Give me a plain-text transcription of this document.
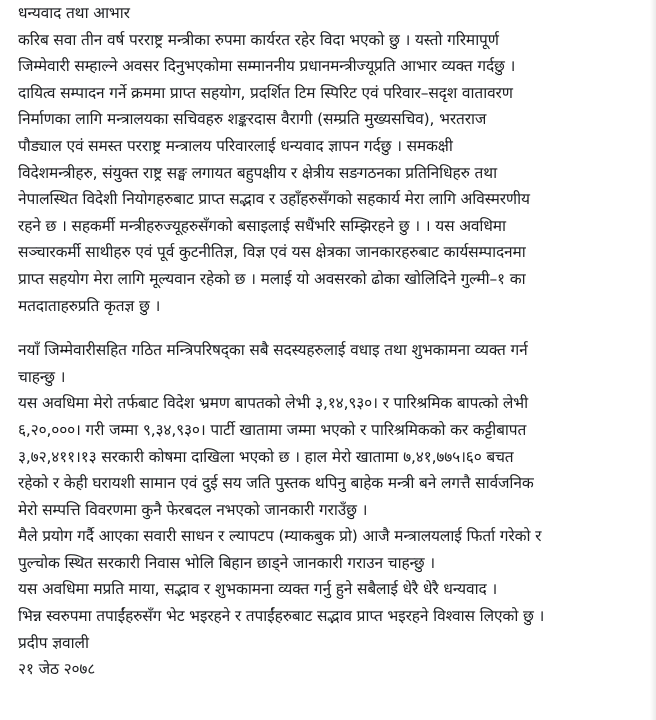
धन्यवाद तथा आभार
करिब सवा तीन वर्ष परराष्ट्र मन्त्रीका रुपमा कार्यरत रहेर विदा भएको छु । यस्तो गरिमापूर्ण
जिम्मेवारी सम्हाल्ने अवसर दिनुभएकोमा सम्माननीय प्रधानमन्त्रीज्यूप्रति आभार व्यक्त गर्दछु ।
दायित्व सम्पादन गर्ने क्रममा प्राप्त सहयोग, प्रदर्शित टिम स्पिरिट एवं परिवार–सदृश वातावरण
निर्माणका लागि मन्त्रालयका सचिवहरु शङ्करदास वैरागी (सम्प्रति मुख्यसचिव), भरतराज
पौड्याल एवं समस्त परराष्ट्र मन्त्रालय परिवारलाई धन्यवाद ज्ञापन गर्दछु । समकक्षी
विदेशमन्त्रीहरु, संयुक्त राष्ट्र सङ्घ लगायत बहुपक्षीय र क्षेत्रीय सङगठनका प्रतिनिधिहरु तथा
नेपालस्थित विदेशी नियोगहरुबाट प्राप्त सद्भाव र उहाँहरुसँगको सहकार्य मेरा लागि अविस्मरणीय
रहने छ । सहकर्मी मन्त्रीहरुज्यूहरुसँगको बसाइलाई सधैंभरि सम्झिरहने छु । । यस अवधिमा
सञ्चारकर्मी साथीहरु एवं पूर्व कुटनीतिज्ञ, विज्ञ एवं यस क्षेत्रका जानकारहरुबाट कार्यसम्पादनमा
प्राप्त सहयोग मेरा लागि मूल्यवान रहेको छ । मलाई यो अवसरको ढोका खोलिदिने गुल्मी–१ का
मतदाताहरुप्रति कृतज्ञ छु ।
नयाँ जिम्मेवारीसहित गठित मन्त्रिपरिषद्का सबै सदस्यहरुलाई वधाइ तथा शुभकामना व्यक्त गर्न
चाहन्छु ।
यस अवधिमा मेरो तर्फबाट विदेश भ्रमण बापतको लेभी ३,१४,९३०। र पारिश्रमिक बापत्को लेभी
६,२०,०००। गरी जम्मा ९,३४,९३०। पार्टी खातामा जम्मा भएको र पारिश्रमिकको कर कट्टीबापत
३,७२,४११।१३ सरकारी कोषमा दाखिला भएको छ । हाल मेरो खातामा ७,४१,७७५।६० बचत
रहेको र केही घरायशी सामान एवं दुई सय जति पुस्तक थपिनु बाहेक मन्त्री बने लगत्तै सार्वजनिक
मेरो सम्पत्ति विवरणमा कुनै फेरबदल नभएको जानकारी गराउँछु ।
मैले प्रयोग गर्दै आएका सवारी साधन र ल्यापटप (म्याकबुक प्रो) आजै मन्त्रालयलाई फिर्ता गरेको र
पुल्चोक स्थित सरकारी निवास भोलि बिहान छाड्ने जानकारी गराउन चाहन्छु ।
यस अवधिमा मप्रति माया, सद्भाव र शुभकामना व्यक्त गर्नु हुने सबैलाई धेरै धेरै धन्यवाद ।
भिन्न स्वरुपमा तपाईंहरुसँग भेट भइरहने र तपाईंहरुबाट सद्भाव प्राप्त भइरहने विश्वास लिएको छु ।
प्रदीप ज्ञवाली
२१ जेठ २०७८
